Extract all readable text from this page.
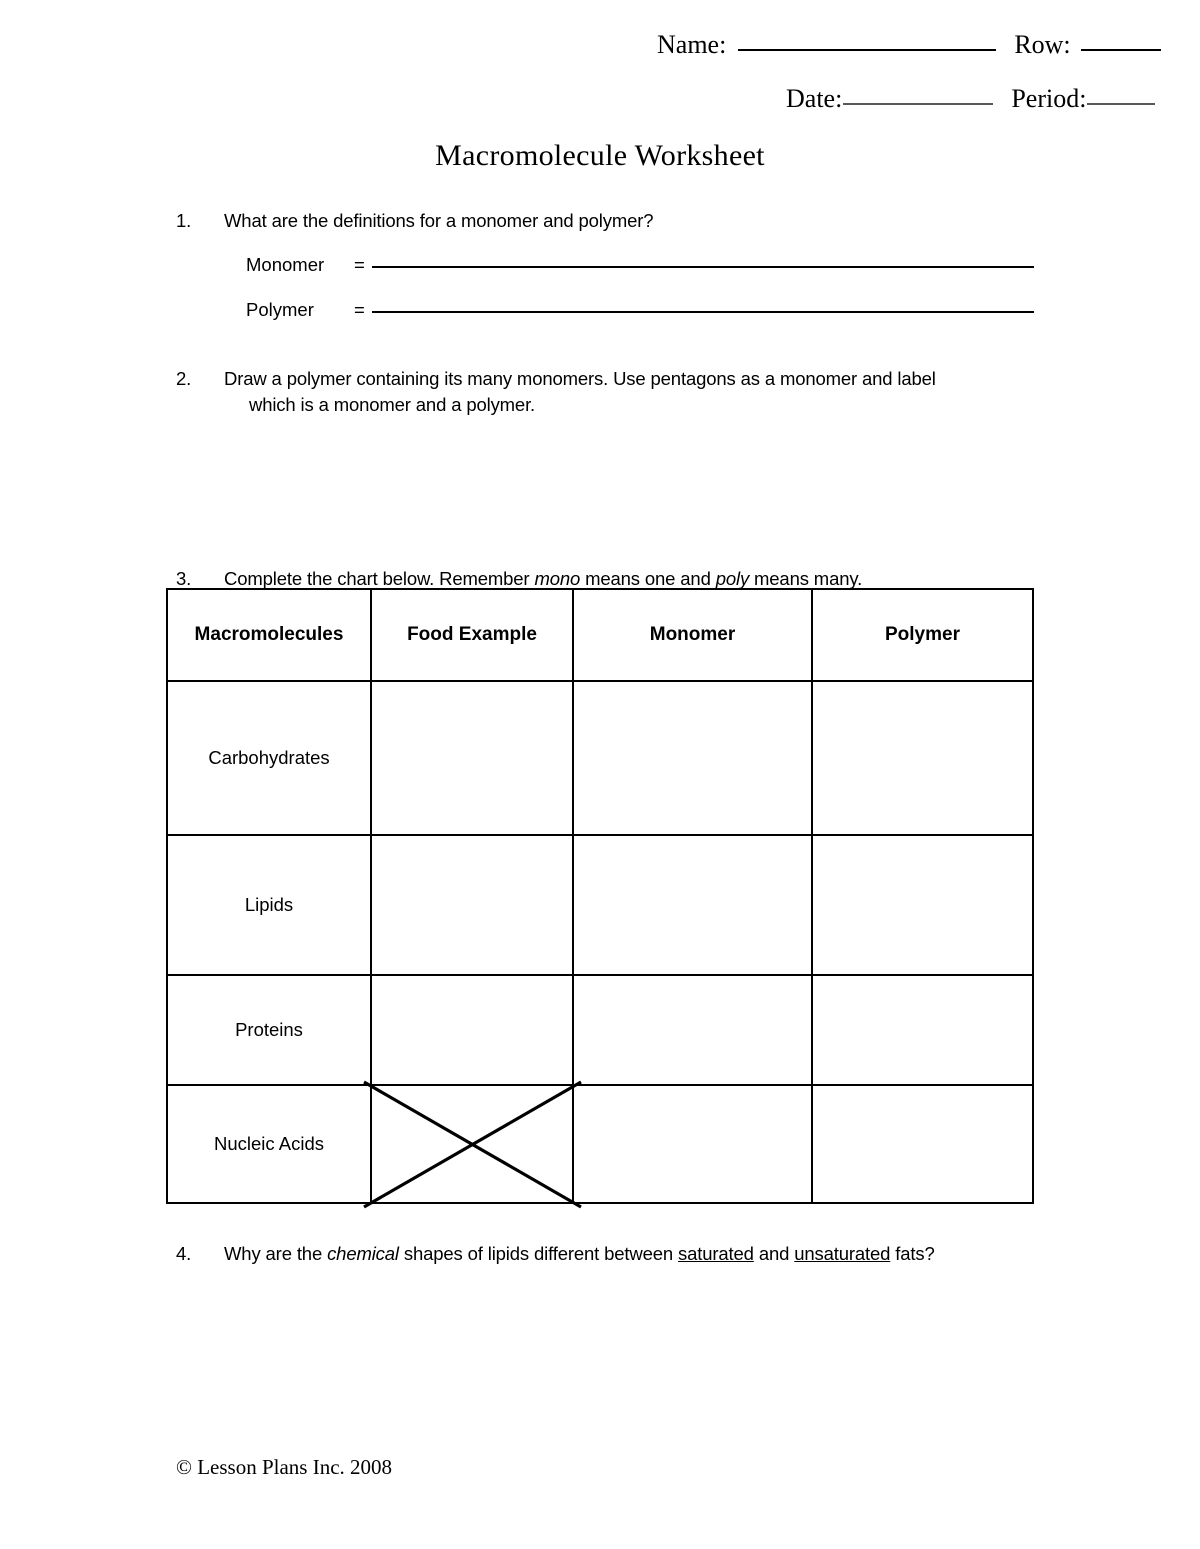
Name:	Row:
Date:	Period:
Macromolecule Worksheet
1.	What are the definitions for a monomer and polymer?
Monomer	=
Polymer	=
2.	Draw a polymer containing its many monomers. Use pentagons as a monomer and label
which is a monomer and a polymer.
3.	Complete the chart below. Remember mono means one and poly means many.
Macromolecules	Food Example	Monomer	Polymer
Carbohydrates			
Lipids			
Proteins			
Nucleic Acids			
4.	Why are the chemical shapes of lipids different between saturated and unsaturated fats?
© Lesson Plans Inc. 2008
